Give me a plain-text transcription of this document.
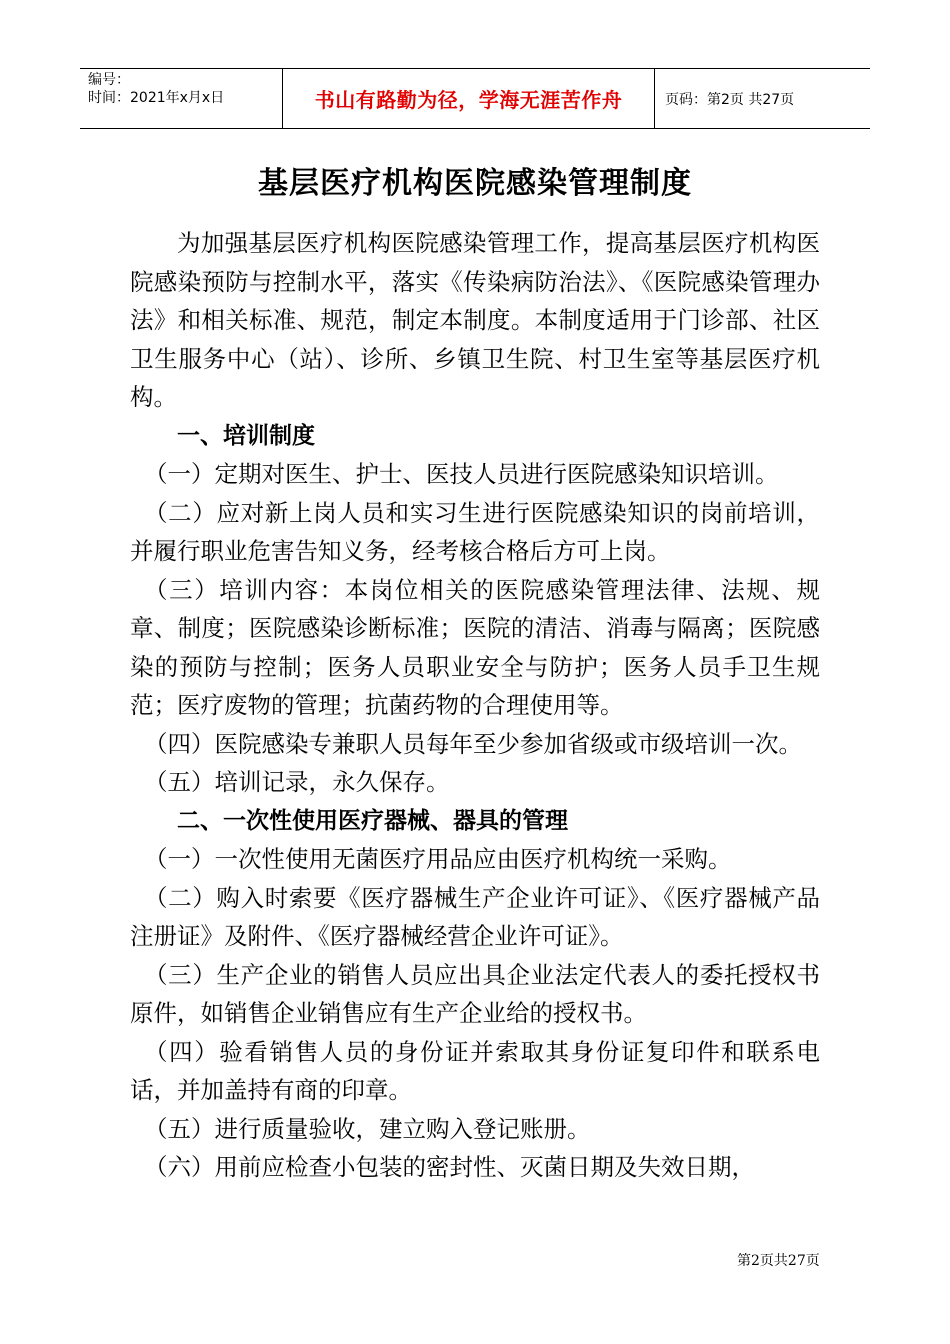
编号：
时间：2021年x月x日	书山有路勤为径，学海无涯苦作舟	页码：第2页 共27页
基层医疗机构医院感染管理制度

为加强基层医疗机构医院感染管理工作，提高基层医疗机构医院感染预防与控制水平，落实《传染病防治法》、《医院感染管理办法》和相关标准、规范，制定本制度。本制度适用于门诊部、社区卫生服务中心（站）、诊所、乡镇卫生院、村卫生室等基层医疗机构。

一、培训制度

（一）定期对医生、护士、医技人员进行医院感染知识培训。

（二）应对新上岗人员和实习生进行医院感染知识的岗前培训，并履行职业危害告知义务，经考核合格后方可上岗。

（三）培训内容：本岗位相关的医院感染管理法律、法规、规章、制度；医院感染诊断标准；医院的清洁、消毒与隔离；医院感染的预防与控制；医务人员职业安全与防护；医务人员手卫生规范；医疗废物的管理；抗菌药物的合理使用等。

（四）医院感染专兼职人员每年至少参加省级或市级培训一次。

（五）培训记录，永久保存。

二、一次性使用医疗器械、器具的管理

（一）一次性使用无菌医疗用品应由医疗机构统一采购。

（二）购入时索要《医疗器械生产企业许可证》、《医疗器械产品注册证》及附件、《医疗器械经营企业许可证》。

（三）生产企业的销售人员应出具企业法定代表人的委托授权书原件，如销售企业销售应有生产企业给的授权书。

（四）验看销售人员的身份证并索取其身份证复印件和联系电话，并加盖持有商的印章。

（五）进行质量验收，建立购入登记账册。

（六）用前应检查小包装的密封性、灭菌日期及失效日期，

第2页共27页
